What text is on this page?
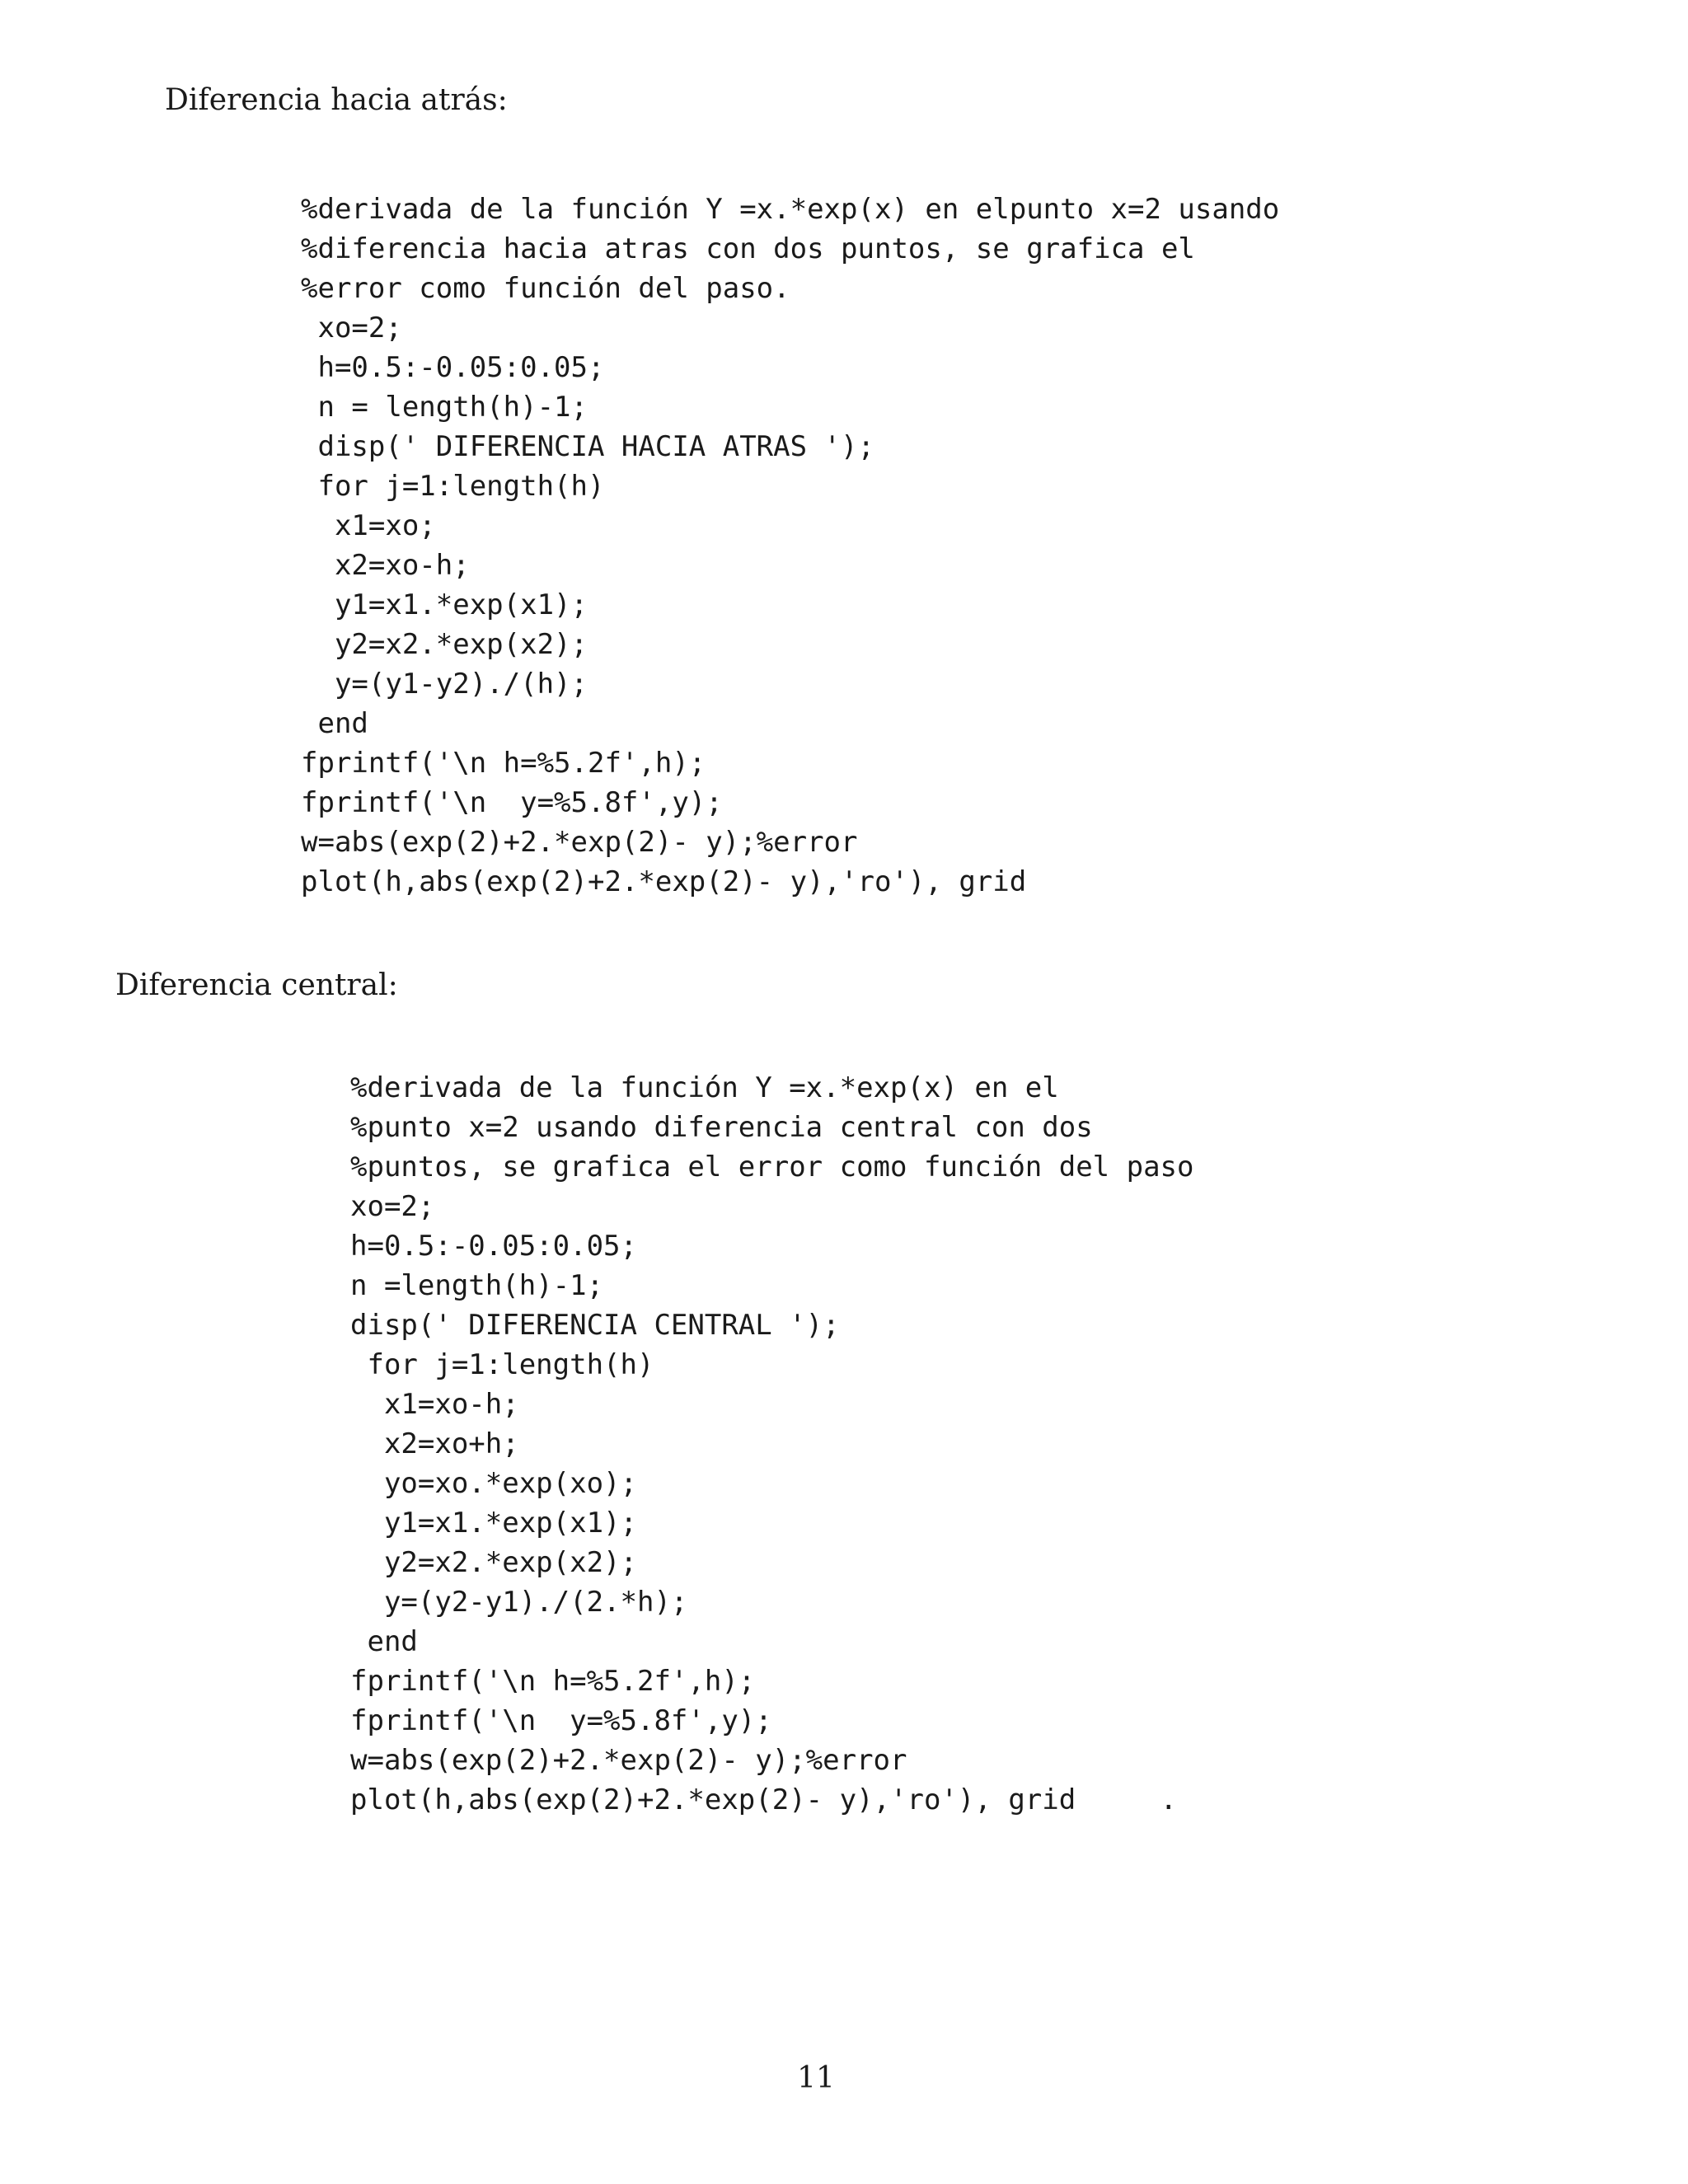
Diferencia hacia atrás:
%derivada de la función Y =x.*exp(x) en elpunto x=2 usando
%diferencia hacia atras con dos puntos, se grafica el
%error como función del paso.
xo=2;
h=0.5:-0.05:0.05;
n = length(h)-1;
disp(' DIFERENCIA HACIA ATRAS ');
for j=1:length(h)
x1=xo;
x2=xo-h;
y1=x1.*exp(x1);
y2=x2.*exp(x2);
y=(y1-y2)./(h);
end
fprintf('\n h=%5.2f',h);
fprintf('\n  y=%5.8f',y);
w=abs(exp(2)+2.*exp(2)- y);%error
plot(h,abs(exp(2)+2.*exp(2)- y),'ro'), grid
Diferencia central:
%derivada de la función Y =x.*exp(x) en el
%punto x=2 usando diferencia central con dos
%puntos, se grafica el error como función del paso
xo=2;
h=0.5:-0.05:0.05;
n =length(h)-1;
disp(' DIFERENCIA CENTRAL ');
for j=1:length(h)
x1=xo-h;
x2=xo+h;
yo=xo.*exp(xo);
y1=x1.*exp(x1);
y2=x2.*exp(x2);
y=(y2-y1)./(2.*h);
end
fprintf('\n h=%5.2f',h);
fprintf('\n  y=%5.8f',y);
w=abs(exp(2)+2.*exp(2)- y);%error
plot(h,abs(exp(2)+2.*exp(2)- y),'ro'), grid     .
11
